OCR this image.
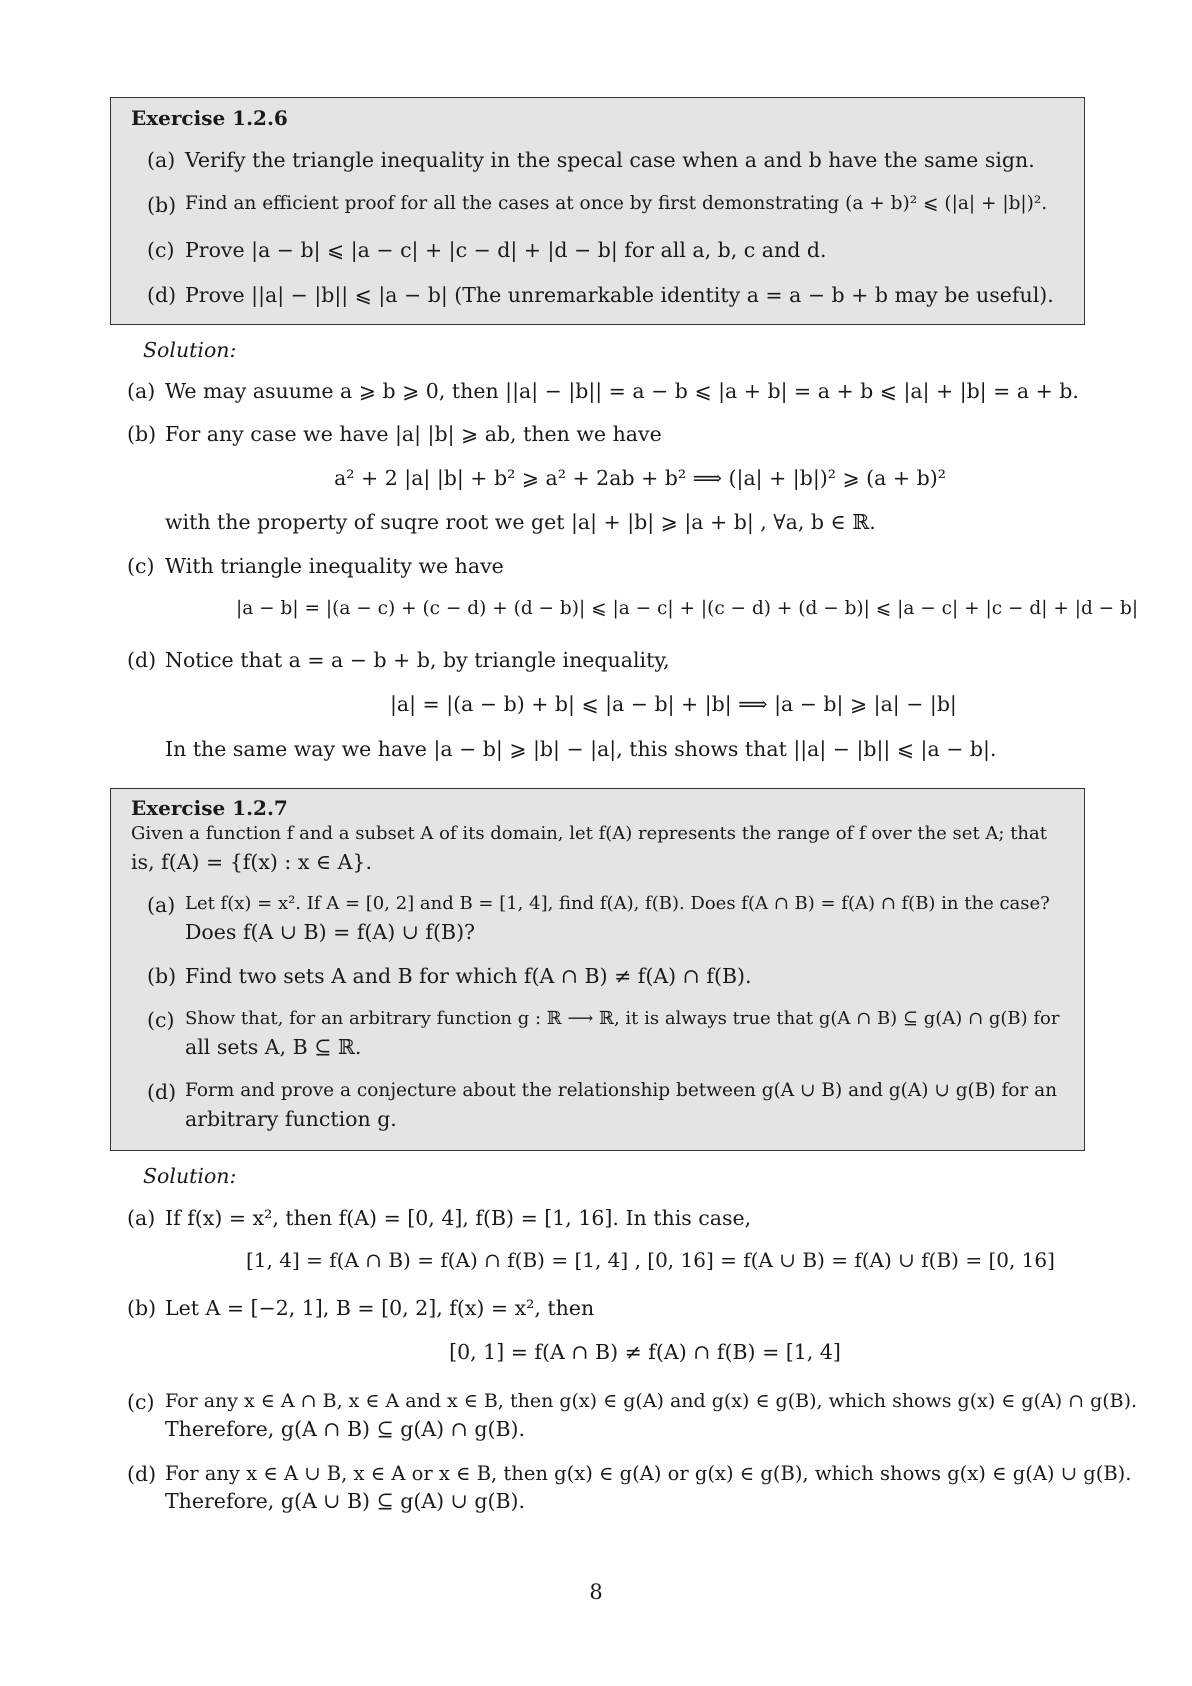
Exercise 1.2.6
(a) Verify the triangle inequality in the specal case when a and b have the same sign.
(b) Find an efficient proof for all the cases at once by first demonstrating (a + b)² ⩽ (|a| + |b|)².
(c) Prove |a − b| ⩽ |a − c| + |c − d| + |d − b| for all a, b, c and d.
(d) Prove ||a| − |b|| ⩽ |a − b| (The unremarkable identity a = a − b + b may be useful).
Solution:
(a) We may asuume a ⩾ b ⩾ 0, then ||a| − |b|| = a − b ⩽ |a + b| = a + b ⩽ |a| + |b| = a + b.
(b) For any case we have |a| |b| ⩾ ab, then we have
a² + 2 |a| |b| + b² ⩾ a² + 2ab + b² ⟹ (|a| + |b|)² ⩾ (a + b)²
with the property of suqre root we get |a| + |b| ⩾ |a + b| , ∀a, b ∈ ℝ.
(c) With triangle inequality we have
|a − b| = |(a − c) + (c − d) + (d − b)| ⩽ |a − c| + |(c − d) + (d − b)| ⩽ |a − c| + |c − d| + |d − b|
(d) Notice that a = a − b + b, by triangle inequality,
|a| = |(a − b) + b| ⩽ |a − b| + |b| ⟹ |a − b| ⩾ |a| − |b|
In the same way we have |a − b| ⩾ |b| − |a|, this shows that ||a| − |b|| ⩽ |a − b|.
Exercise 1.2.7
Given a function f and a subset A of its domain, let f(A) represents the range of f over the set A; that
is, f(A) = {f(x) : x ∈ A}.
(a) Let f(x) = x². If A = [0, 2] and B = [1, 4], find f(A), f(B). Does f(A ∩ B) = f(A) ∩ f(B) in the case?
Does f(A ∪ B) = f(A) ∪ f(B)?
(b) Find two sets A and B for which f(A ∩ B) ≠ f(A) ∩ f(B).
(c) Show that, for an arbitrary function g : ℝ ⟶ ℝ, it is always true that g(A ∩ B) ⊆ g(A) ∩ g(B) for
all sets A, B ⊆ ℝ.
(d) Form and prove a conjecture about the relationship between g(A ∪ B) and g(A) ∪ g(B) for an
arbitrary function g.
Solution:
(a) If f(x) = x², then f(A) = [0, 4], f(B) = [1, 16]. In this case,
[1, 4] = f(A ∩ B) = f(A) ∩ f(B) = [1, 4] , [0, 16] = f(A ∪ B) = f(A) ∪ f(B) = [0, 16]
(b) Let A = [−2, 1], B = [0, 2], f(x) = x², then
[0, 1] = f(A ∩ B) ≠ f(A) ∩ f(B) = [1, 4]
(c) For any x ∈ A ∩ B, x ∈ A and x ∈ B, then g(x) ∈ g(A) and g(x) ∈ g(B), which shows g(x) ∈ g(A) ∩ g(B).
Therefore, g(A ∩ B) ⊆ g(A) ∩ g(B).
(d) For any x ∈ A ∪ B, x ∈ A or x ∈ B, then g(x) ∈ g(A) or g(x) ∈ g(B), which shows g(x) ∈ g(A) ∪ g(B).
Therefore, g(A ∪ B) ⊆ g(A) ∪ g(B).
8
